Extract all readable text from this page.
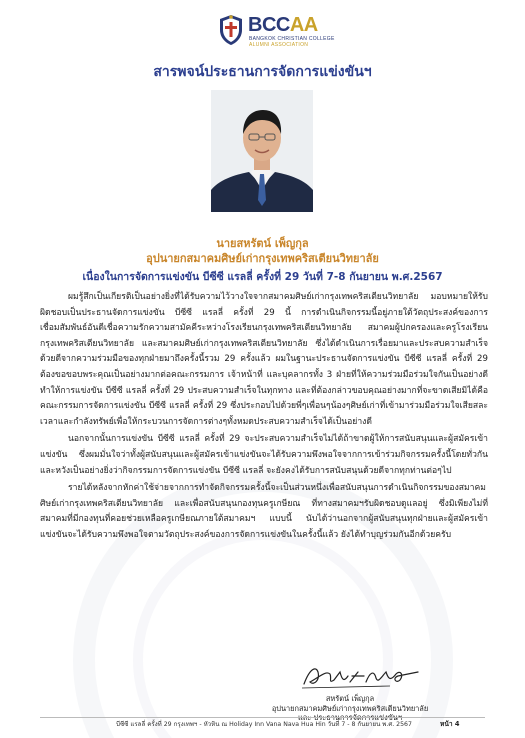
BCCAA
BANGKOK CHRISTIAN COLLEGE
ALUMNI ASSOCIATION
สารพจน์ประธานการจัดการแข่งขันฯ
นายสหรัตน์ เพ็ญกุล
อุปนายกสมาคมศิษย์เก่ากรุงเทพคริสเตียนวิทยาลัย
เนื่องในการจัดการแข่งขัน บีซีซี แรลลี่ ครั้งที่ 29 วันที่ 7-8 กันยายน พ.ศ.2567

ผมรู้สึกเป็นเกียรติเป็นอย่างยิ่งที่ได้รับความไว้วางใจจากสมาคมศิษย์เก่ากรุงเทพคริสเตียนวิทยาลัย มอบหมายให้รับผิดชอบเป็นประธานจัดการแข่งขัน บีซีซี แรลลี่ ครั้งที่ 29 นี้ การดำเนินกิจกรรมนี้อยู่ภายใต้วัตถุประสงค์ของการเชื่อมสัมพันธ์อันดีเชื่อความรักความสามัคคีระหว่างโรงเรียนกรุงเทพคริสเตียนวิทยาลัย สมาคมผู้ปกครองและครูโรงเรียนกรุงเทพคริสเตียนวิทยาลัย และสมาคมศิษย์เก่ากรุงเทพคริสเตียนวิทยาลัย ซึ่งได้ดำเนินการเรื่อยมาและประสบความสำเร็จด้วยดีจากความร่วมมือของทุกฝ่ายมาถึงครั้งนี้รวม 29 ครั้งแล้ว ผมในฐานะประธานจัดการแข่งขัน บีซีซี แรลลี่ ครั้งที่ 29 ต้องขอขอบพระคุณเป็นอย่างมากต่อคณะกรรมการ เจ้าหน้าที่ และบุคลากรทั้ง 3 ฝ่ายที่ให้ความร่วมมือร่วมใจกันเป็นอย่างดี ทำให้การแข่งขัน บีซีซี แรลลี่ ครั้งที่ 29 ประสบความสำเร็จในทุกทาง และที่ต้องกล่าวขอบคุณอย่างมากที่จะขาดเสียมิได้คือ คณะกรรมการจัดการแข่งขัน บีซีซี แรลลี่ ครั้งที่ 29 ซึ่งประกอบไปด้วยพี่ๆเพื่อนๆน้องๆศิษย์เก่าที่เข้ามาร่วมมือร่วมใจเสียสละเวลาและกำลังทรัพย์เพื่อให้กระบวนการจัดการต่างๆทั้งหมดประสบความสำเร็จได้เป็นอย่างดี

นอกจากนั้นการแข่งขัน บีซีซี แรลลี่ ครั้งที่ 29 จะประสบความสำเร็จไม่ได้ถ้าขาดผู้ให้การสนับสนุนและผู้สมัครเข้าแข่งขัน ซึ่งผมมั่นใจว่าทั้งผู้สนับสนุนและผู้สมัครเข้าแข่งขันจะได้รับความพึงพอใจจากการเข้าร่วมกิจกรรมครั้งนี้โดยทั่วกัน และหวังเป็นอย่างยิ่งว่ากิจกรรมการจัดการแข่งขัน บีซีซี แรลลี่ จะยังคงได้รับการสนับสนุนด้วยดีจากทุกท่านต่อๆไป

รายได้หลังจากหักค่าใช้จ่ายจากการทำจัดกิจกรรมครั้งนี้จะเป็นส่วนหนึ่งเพื่อสนับสนุนการดำเนินกิจกรรมของสมาคมศิษย์เก่ากรุงเทพคริสเตียนวิทยาลัย และเพื่อสนับสนุนกองทุนครูเกษียณ ที่ทางสมาคมฯรับผิดชอบดูแลอยู่ ซึ่งมิเพียงไม่ที่สมาคมที่มีกองทุนที่คอยช่วยเหลือครูเกษียณภายใต้สมาคมฯ แบบนี้ นับได้ว่านอกจากผู้สนับสนุนทุกฝ่ายและผู้สมัครเข้าแข่งขันจะได้รับความพึงพอใจตามวัตถุประสงค์ของการจัดการแข่งขันในครั้งนี้แล้ว ยังได้ทำบุญร่วมกันอีกด้วยครับ

สหรัตน์ เพ็ญกุล
อุปนายกสมาคมศิษย์เก่ากรุงเทพคริสเตียนวิทยาลัย
บีซีซี แรลลี่ ครั้งที่ 29 กรุงเทพฯ - หัวหิน ณ Holiday Inn Vana Nava Hua Hin วันที่ 7 - 8 กันยายน พ.ศ. 2567	หน้า 4
